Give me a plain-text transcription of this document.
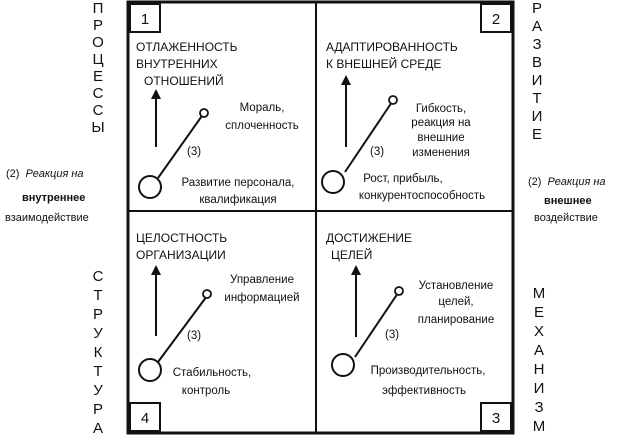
1	2
4	3
П
Р
О
Ц
Е
С
С
Ы
Р
А
З
В
И
Т
И
Е
С
Т
Р
У
К
Т
У
Р
А
М
Е
Х
А
Н
И
З
М
(2) Реакция на
внутреннее
взаимодействие
(2) Реакция на
внешнее
воздействие
ОТЛАЖЕННОСТЬ
ВНУТРЕННИХ
ОТНОШЕНИЙ
Мораль,
сплоченность
(3)
Развитие персонала,
квалификация
АДАПТИРОВАННОСТЬ
К ВНЕШНЕЙ СРЕДЕ
Гибкость,
реакция на
внешние
изменения
(3)
Рост, прибыль,
конкурентоспособность
ЦЕЛОСТНОСТЬ
ОРГАНИЗАЦИИ
Управление
информацией
(3)
Стабильность,
контроль
ДОСТИЖЕНИЕ
ЦЕЛЕЙ
Установление
целей,
планирование
(3)
Производительность,
эффективность
